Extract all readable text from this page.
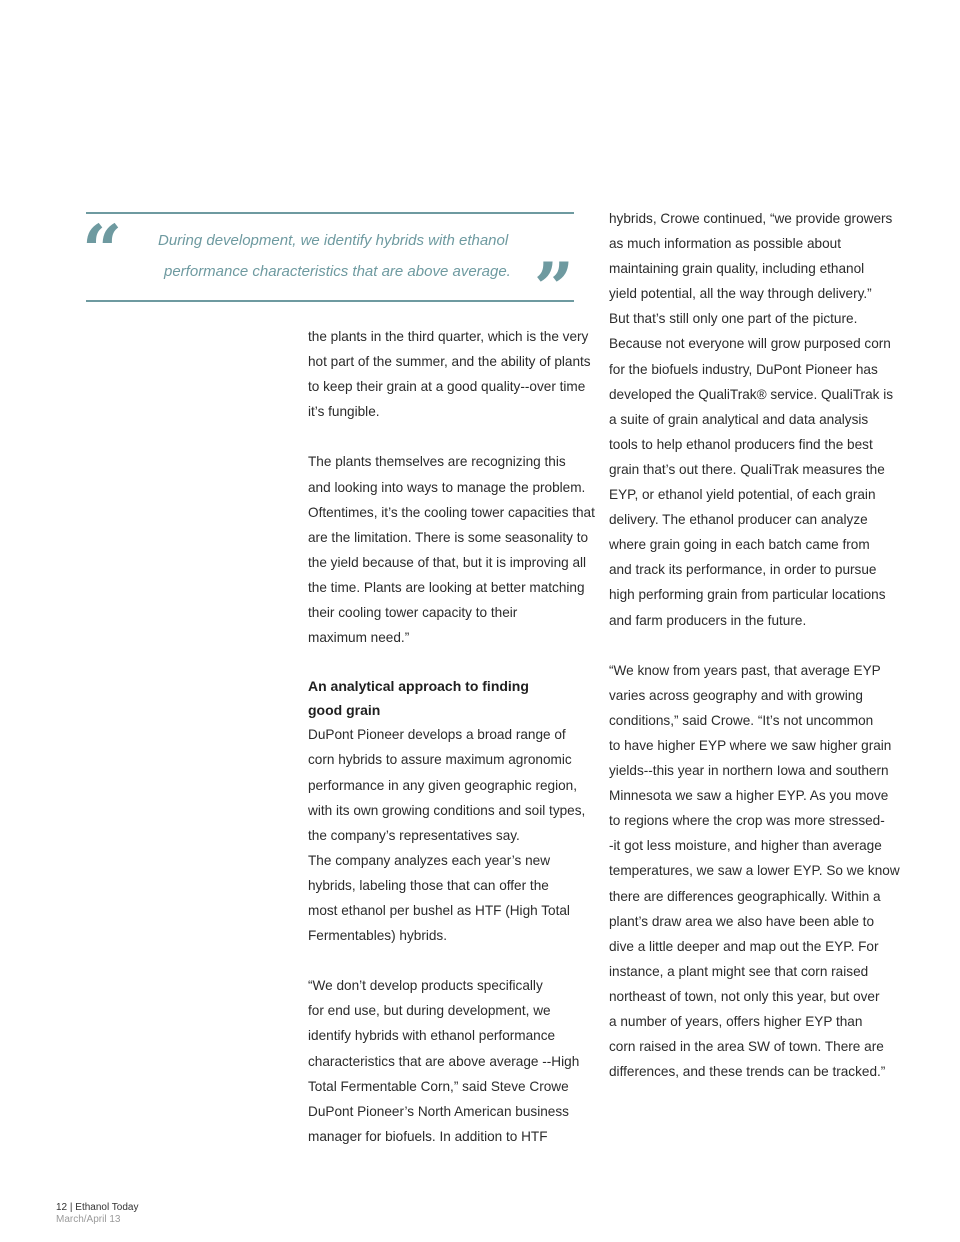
“ During development, we identify hybrids with ethanol
performance characteristics that are above average. ”

the plants in the third quarter, which is the very

hot part of the summer, and the ability of plants

to keep their grain at a good quality--over time

it’s fungible.

The plants themselves are recognizing this

and looking into ways to manage the problem.

Oftentimes, it’s the cooling tower capacities that

are the limitation. There is some seasonality to

the yield because of that, but it is improving all

the time. Plants are looking at better matching

their cooling tower capacity to their

maximum need.”

An analytical approach to finding

good grain

DuPont Pioneer develops a broad range of

corn hybrids to assure maximum agronomic

performance in any given geographic region,

with its own growing conditions and soil types,

the company’s representatives say.

The company analyzes each year’s new

hybrids, labeling those that can offer the

most ethanol per bushel as HTF (High Total

Fermentables) hybrids.

“We don’t develop products specifically

for end use, but during development, we

identify hybrids with ethanol performance

characteristics that are above average --High

Total Fermentable Corn,” said Steve Crowe

DuPont Pioneer’s North American business

manager for biofuels. In addition to HTF

hybrids, Crowe continued, “we provide growers

as much information as possible about

maintaining grain quality, including ethanol

yield potential, all the way through delivery.”

But that’s still only one part of the picture.

Because not everyone will grow purposed corn

for the biofuels industry, DuPont Pioneer has

developed the QualiTrak® service. QualiTrak is

a suite of grain analytical and data analysis

tools to help ethanol producers find the best

grain that’s out there. QualiTrak measures the

EYP, or ethanol yield potential, of each grain

delivery. The ethanol producer can analyze

where grain going in each batch came from

and track its performance, in order to pursue

high performing grain from particular locations

and farm producers in the future.

“We know from years past, that average EYP

varies across geography and with growing

conditions,” said Crowe. “It’s not uncommon

to have higher EYP where we saw higher grain

yields--this year in northern Iowa and southern

Minnesota we saw a higher EYP. As you move

to regions where the crop was more stressed-

-it got less moisture, and higher than average

temperatures, we saw a lower EYP. So we know

there are differences geographically. Within a

plant’s draw area we also have been able to

dive a little deeper and map out the EYP. For

instance, a plant might see that corn raised

northeast of town, not only this year, but over

a number of years, offers higher EYP than

corn raised in the area SW of town. There are

differences, and these trends can be tracked.”

12 | Ethanol Today
March/April 13
